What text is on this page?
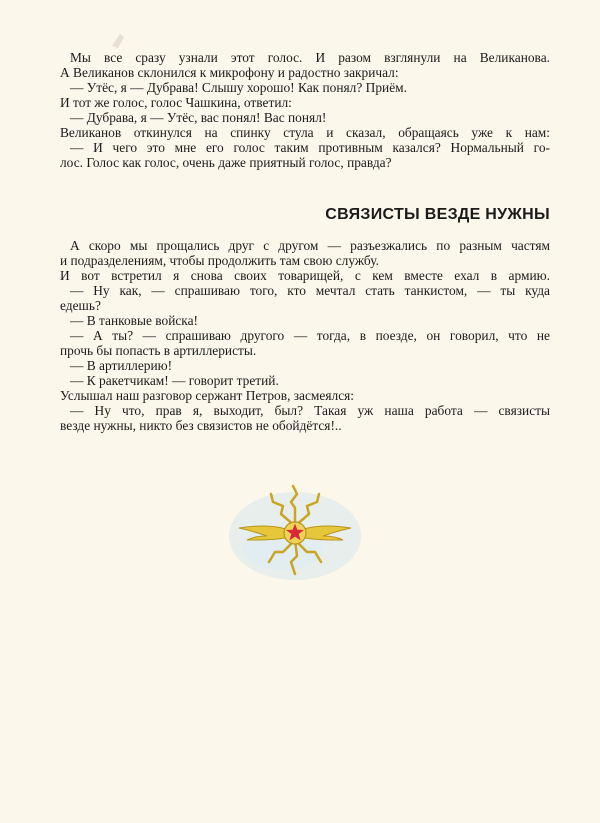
Мы все сразу узнали этот голос. И разом взглянули на Великанова.
А Великанов склонился к микрофону и радостно закричал:
— Утёс, я — Дубрава! Слышу хорошо! Как понял? Приём.
И тот же голос, голос Чашкина, ответил:
— Дубрава, я — Утёс, вас понял! Вас понял!
Великанов откинулся на спинку стула и сказал, обращаясь уже к нам:
— И чего это мне его голос таким противным казался? Нормальный го-
лос. Голос как голос, очень даже приятный голос, правда?
СВЯЗИСТЫ ВЕЗДЕ НУЖНЫ
А скоро мы прощались друг с другом — разъезжались по разным частям
и подразделениям, чтобы продолжить там свою службу.
И вот встретил я снова своих товарищей, с кем вместе ехал в армию.
— Ну как, — спрашиваю того, кто мечтал стать танкистом, — ты куда
едешь?
— В танковые войска!
— А ты? — спрашиваю другого — тогда, в поезде, он говорил, что не
прочь бы попасть в артиллеристы.
— В артиллерию!
— К ракетчикам! — говорит третий.
Услышал наш разговор сержант Петров, засмеялся:
— Ну что, прав я, выходит, был? Такая уж наша работа — связисты
везде нужны, никто без связистов не обойдётся!..
